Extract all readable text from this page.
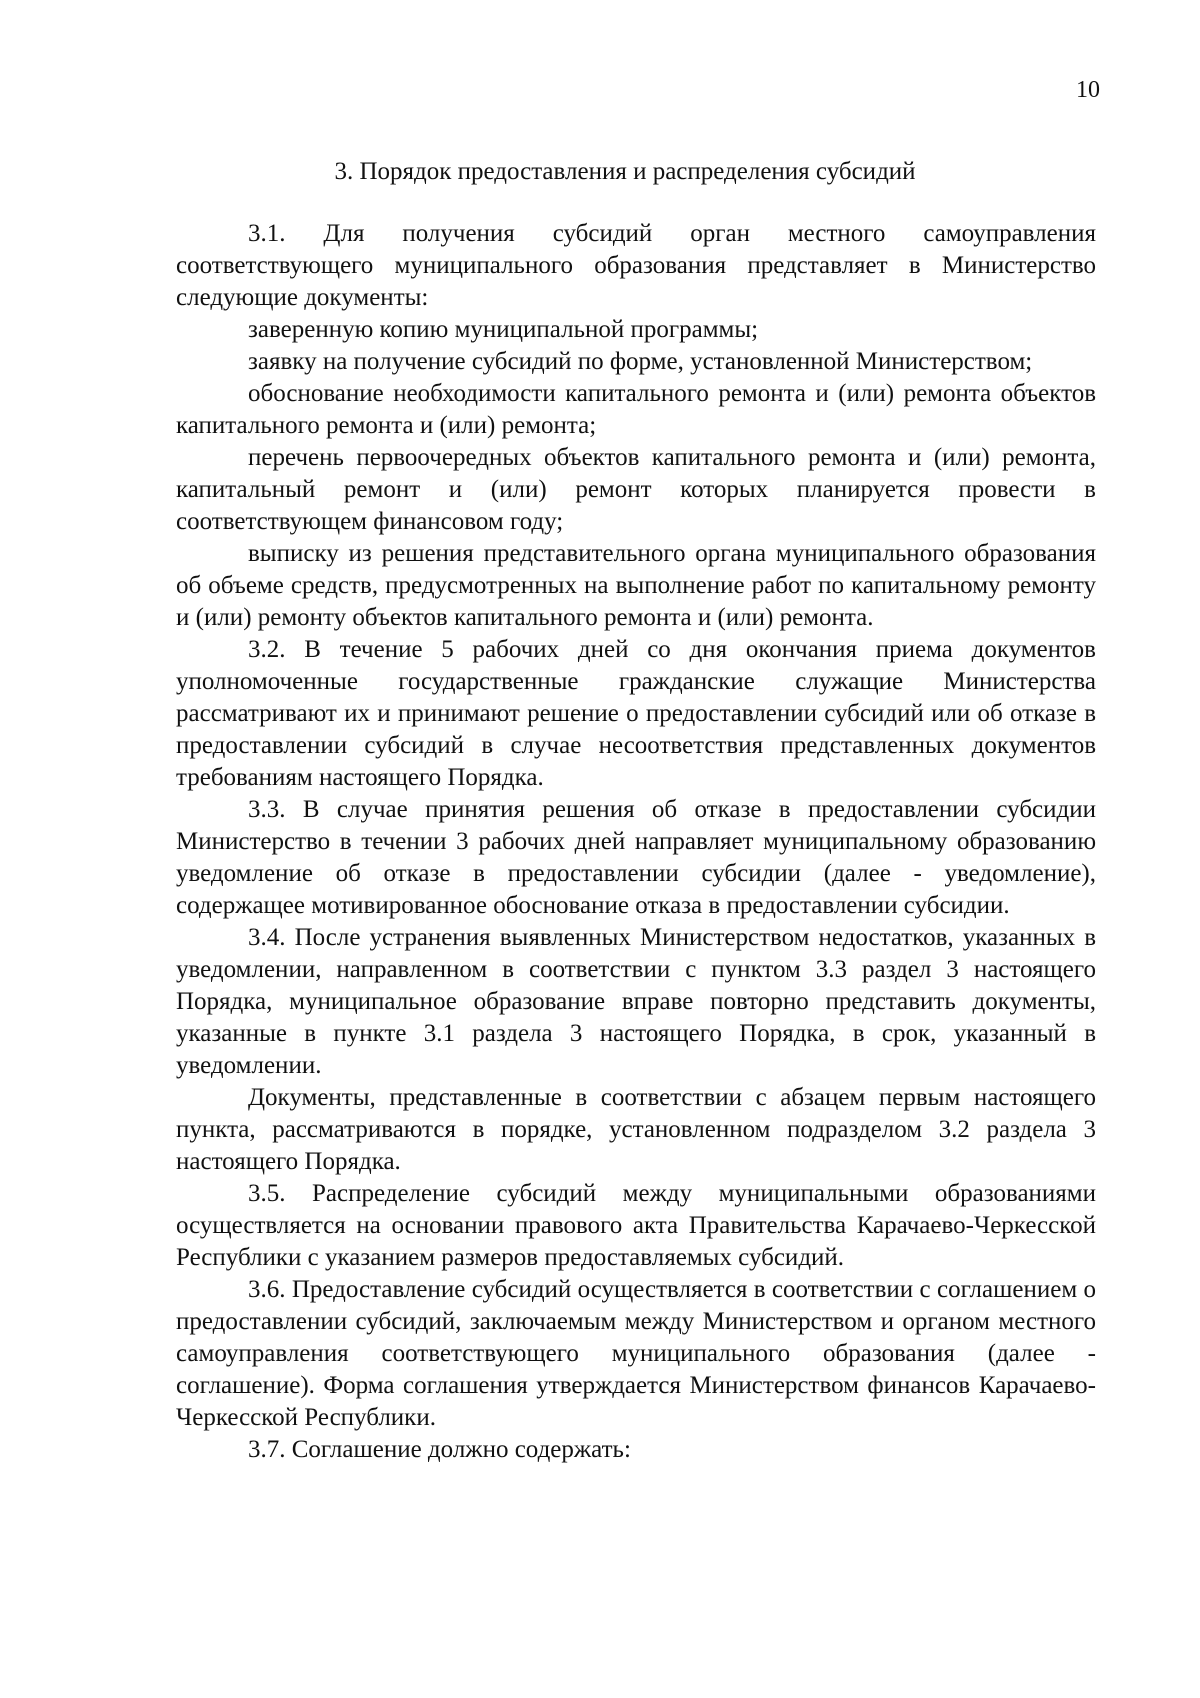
10
3. Порядок предоставления и распределения субсидий

3.1. Для получения субсидий орган местного самоуправления соответствующего муниципального образования представляет в Министерство следующие документы:

заверенную копию муниципальной программы;

заявку на получение субсидий по форме, установленной Министерством;

обоснование необходимости капитального ремонта и (или) ремонта объектов капитального ремонта и (или) ремонта;

перечень первоочередных объектов капитального ремонта и (или) ремонта, капитальный ремонт и (или) ремонт которых планируется провести в соответствующем финансовом году;

выписку из решения представительного органа муниципального образования об объеме средств, предусмотренных на выполнение работ по капитальному ремонту и (или) ремонту объектов капитального ремонта и (или) ремонта.

3.2. В течение 5 рабочих дней со дня окончания приема документов уполномоченные государственные гражданские служащие Министерства рассматривают их и принимают решение о предоставлении субсидий или об отказе в предоставлении субсидий в случае несоответствия представленных документов требованиям настоящего Порядка.

3.3. В случае принятия решения об отказе в предоставлении субсидии Министерство в течении 3 рабочих дней направляет муниципальному образованию уведомление об отказе в предоставлении субсидии (далее - уведомление), содержащее мотивированное обоснование отказа в предоставлении субсидии.

3.4. После устранения выявленных Министерством недостатков, указанных в уведомлении, направленном в соответствии с пунктом 3.3 раздел 3 настоящего Порядка, муниципальное образование вправе повторно представить документы, указанные в пункте 3.1 раздела 3 настоящего Порядка, в срок, указанный в уведомлении.

Документы, представленные в соответствии с абзацем первым настоящего пункта, рассматриваются в порядке, установленном подразделом 3.2 раздела 3 настоящего Порядка.

3.5. Распределение субсидий между муниципальными образованиями осуществляется на основании правового акта Правительства Карачаево-Черкесской Республики с указанием размеров предоставляемых субсидий.

3.6. Предоставление субсидий осуществляется в соответствии с соглашением о предоставлении субсидий, заключаемым между Министерством и органом местного самоуправления соответствующего муниципального образования (далее - соглашение). Форма соглашения утверждается Министерством финансов Карачаево-Черкесской Республики.

3.7. Соглашение должно содержать:
